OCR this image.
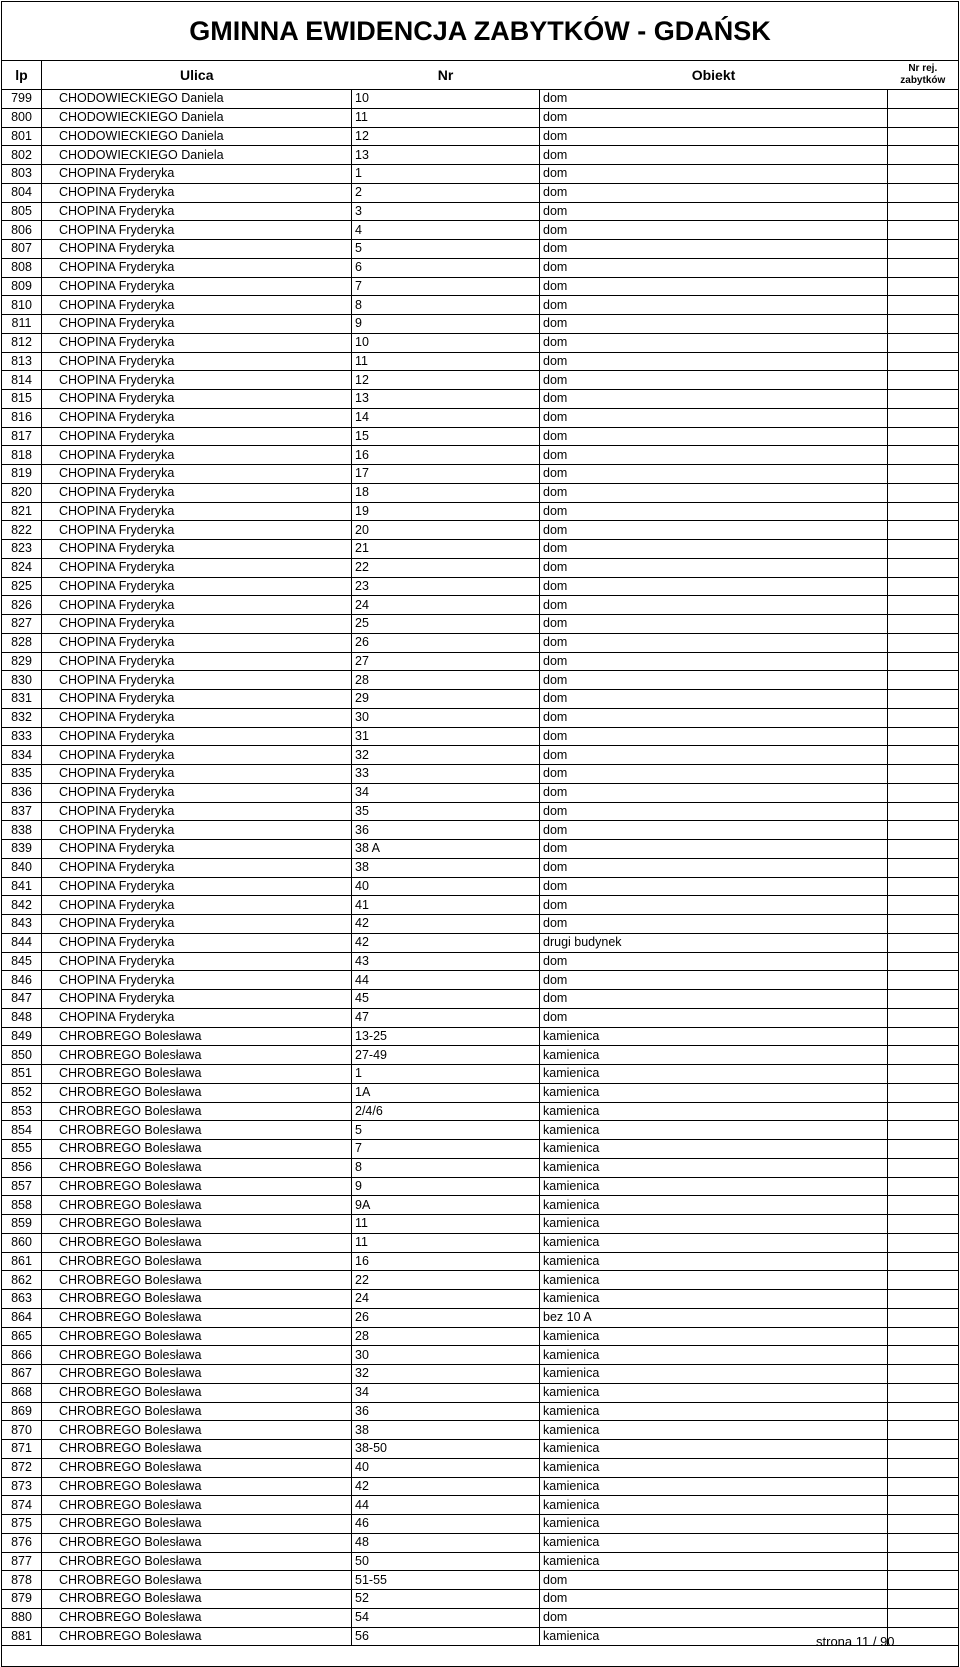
GMINNA EWIDENCJA ZABYTKÓW - GDAŃSK				
lp	Ulica	Nr	Obiekt	Nr rej.
zabytków
799	CHODOWIECKIEGO Daniela	10	dom	
800	CHODOWIECKIEGO Daniela	11	dom	
801	CHODOWIECKIEGO Daniela	12	dom	
802	CHODOWIECKIEGO Daniela	13	dom	
803	CHOPINA Fryderyka	1	dom	
804	CHOPINA Fryderyka	2	dom	
805	CHOPINA Fryderyka	3	dom	
806	CHOPINA Fryderyka	4	dom	
807	CHOPINA Fryderyka	5	dom	
808	CHOPINA Fryderyka	6	dom	
809	CHOPINA Fryderyka	7	dom	
810	CHOPINA Fryderyka	8	dom	
811	CHOPINA Fryderyka	9	dom	
812	CHOPINA Fryderyka	10	dom	
813	CHOPINA Fryderyka	11	dom	
814	CHOPINA Fryderyka	12	dom	
815	CHOPINA Fryderyka	13	dom	
816	CHOPINA Fryderyka	14	dom	
817	CHOPINA Fryderyka	15	dom	
818	CHOPINA Fryderyka	16	dom	
819	CHOPINA Fryderyka	17	dom	
820	CHOPINA Fryderyka	18	dom	
821	CHOPINA Fryderyka	19	dom	
822	CHOPINA Fryderyka	20	dom	
823	CHOPINA Fryderyka	21	dom	
824	CHOPINA Fryderyka	22	dom	
825	CHOPINA Fryderyka	23	dom	
826	CHOPINA Fryderyka	24	dom	
827	CHOPINA Fryderyka	25	dom	
828	CHOPINA Fryderyka	26	dom	
829	CHOPINA Fryderyka	27	dom	
830	CHOPINA Fryderyka	28	dom	
831	CHOPINA Fryderyka	29	dom	
832	CHOPINA Fryderyka	30	dom	
833	CHOPINA Fryderyka	31	dom	
834	CHOPINA Fryderyka	32	dom	
835	CHOPINA Fryderyka	33	dom	
836	CHOPINA Fryderyka	34	dom	
837	CHOPINA Fryderyka	35	dom	
838	CHOPINA Fryderyka	36	dom	
839	CHOPINA Fryderyka	38 A	dom	
840	CHOPINA Fryderyka	38	dom	
841	CHOPINA Fryderyka	40	dom	
842	CHOPINA Fryderyka	41	dom	
843	CHOPINA Fryderyka	42	dom	
844	CHOPINA Fryderyka	42	drugi budynek	
845	CHOPINA Fryderyka	43	dom	
846	CHOPINA Fryderyka	44	dom	
847	CHOPINA Fryderyka	45	dom	
848	CHOPINA Fryderyka	47	dom	
849	CHROBREGO Bolesława	13-25	kamienica	
850	CHROBREGO Bolesława	27-49	kamienica	
851	CHROBREGO Bolesława	1	kamienica	
852	CHROBREGO Bolesława	1A	kamienica	
853	CHROBREGO Bolesława	2/4/6	kamienica	
854	CHROBREGO Bolesława	5	kamienica	
855	CHROBREGO Bolesława	7	kamienica	
856	CHROBREGO Bolesława	8	kamienica	
857	CHROBREGO Bolesława	9	kamienica	
858	CHROBREGO Bolesława	9A	kamienica	
859	CHROBREGO Bolesława	11	kamienica	
860	CHROBREGO Bolesława	11	kamienica	
861	CHROBREGO Bolesława	16	kamienica	
862	CHROBREGO Bolesława	22	kamienica	
863	CHROBREGO Bolesława	24	kamienica	
864	CHROBREGO Bolesława	26	bez 10 A	
865	CHROBREGO Bolesława	28	kamienica	
866	CHROBREGO Bolesława	30	kamienica	
867	CHROBREGO Bolesława	32	kamienica	
868	CHROBREGO Bolesława	34	kamienica	
869	CHROBREGO Bolesława	36	kamienica	
870	CHROBREGO Bolesława	38	kamienica	
871	CHROBREGO Bolesława	38-50	kamienica	
872	CHROBREGO Bolesława	40	kamienica	
873	CHROBREGO Bolesława	42	kamienica	
874	CHROBREGO Bolesława	44	kamienica	
875	CHROBREGO Bolesława	46	kamienica	
876	CHROBREGO Bolesława	48	kamienica	
877	CHROBREGO Bolesława	50	kamienica	
878	CHROBREGO Bolesława	51-55	dom	
879	CHROBREGO Bolesława	52	dom	
880	CHROBREGO Bolesława	54	dom	
881	CHROBREGO Bolesława	56	kamienica		strona 11 / 90
